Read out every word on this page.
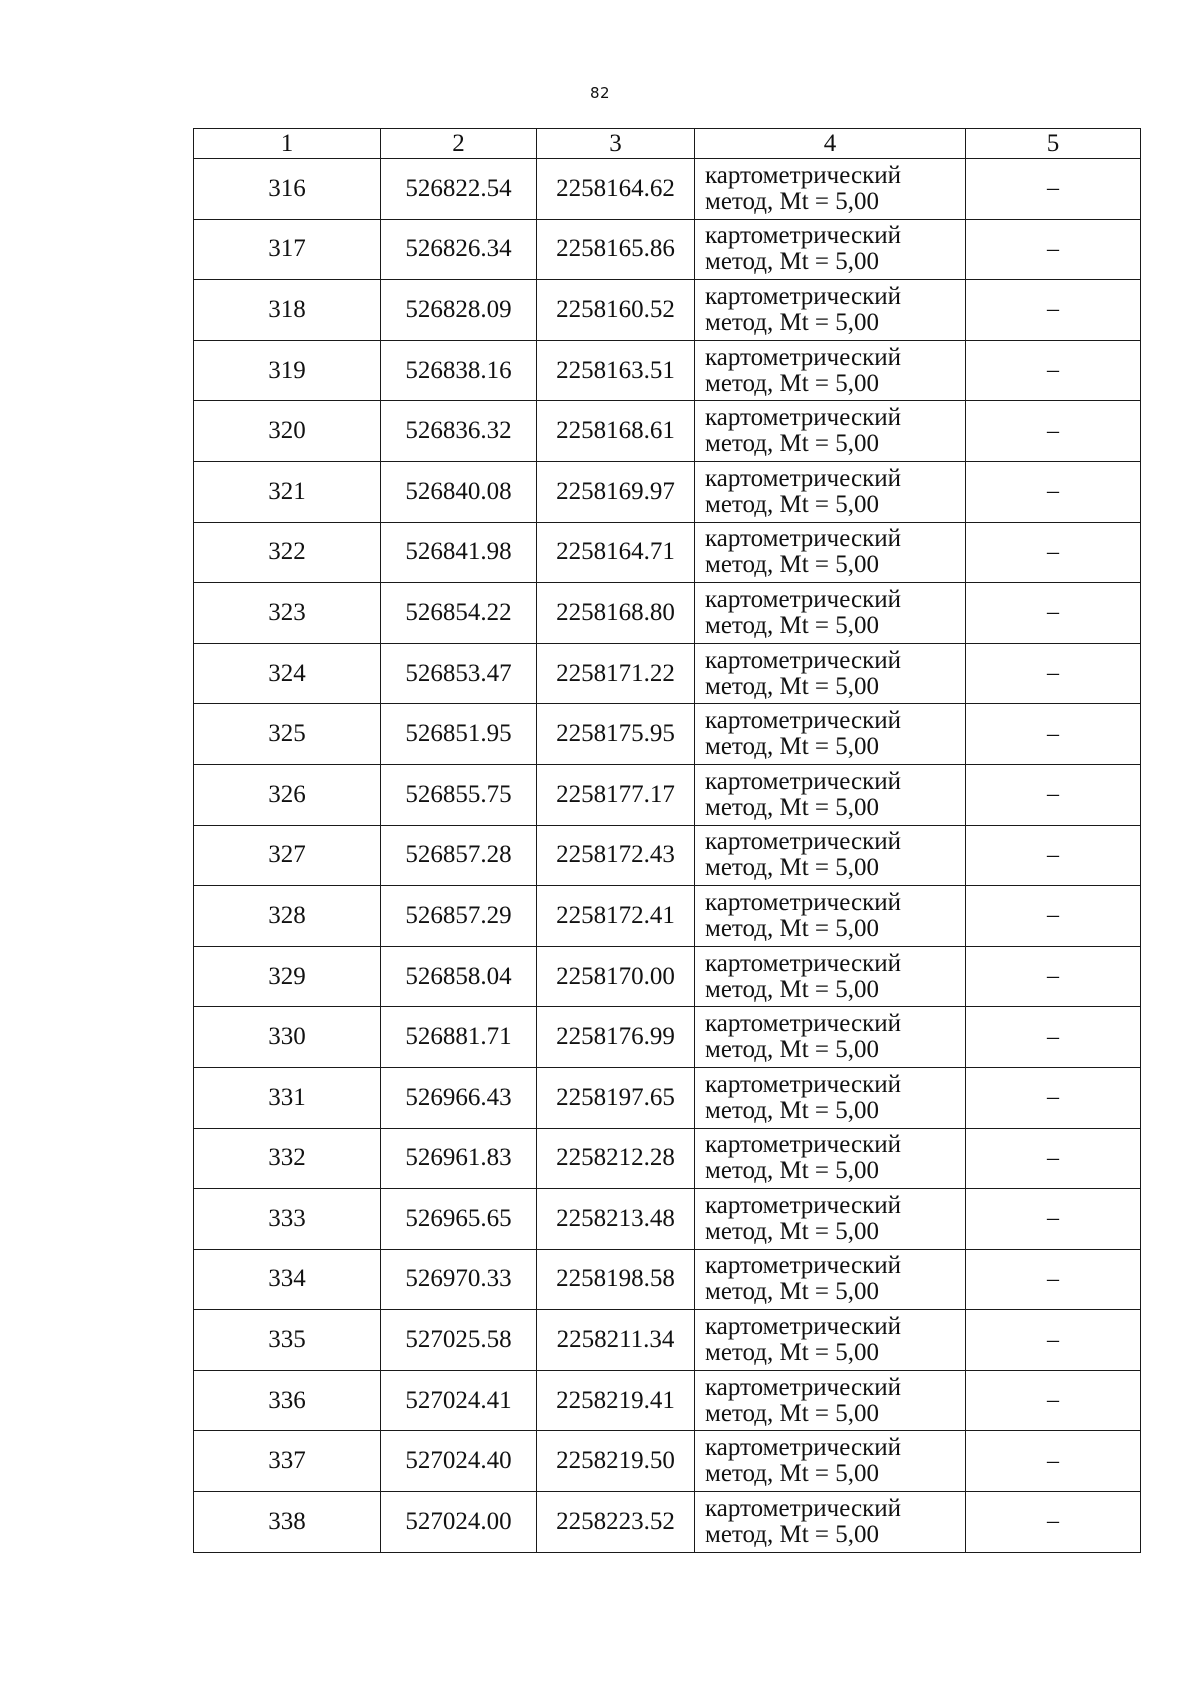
82
1	2	3	4	5
316	526822.54	2258164.62	картометрический
метод, Mt = 5,00	–
317	526826.34	2258165.86	картометрический
метод, Mt = 5,00	–
318	526828.09	2258160.52	картометрический
метод, Mt = 5,00	–
319	526838.16	2258163.51	картометрический
метод, Mt = 5,00	–
320	526836.32	2258168.61	картометрический
метод, Mt = 5,00	–
321	526840.08	2258169.97	картометрический
метод, Mt = 5,00	–
322	526841.98	2258164.71	картометрический
метод, Mt = 5,00	–
323	526854.22	2258168.80	картометрический
метод, Mt = 5,00	–
324	526853.47	2258171.22	картометрический
метод, Mt = 5,00	–
325	526851.95	2258175.95	картометрический
метод, Mt = 5,00	–
326	526855.75	2258177.17	картометрический
метод, Mt = 5,00	–
327	526857.28	2258172.43	картометрический
метод, Mt = 5,00	–
328	526857.29	2258172.41	картометрический
метод, Mt = 5,00	–
329	526858.04	2258170.00	картометрический
метод, Mt = 5,00	–
330	526881.71	2258176.99	картометрический
метод, Mt = 5,00	–
331	526966.43	2258197.65	картометрический
метод, Mt = 5,00	–
332	526961.83	2258212.28	картометрический
метод, Mt = 5,00	–
333	526965.65	2258213.48	картометрический
метод, Mt = 5,00	–
334	526970.33	2258198.58	картометрический
метод, Mt = 5,00	–
335	527025.58	2258211.34	картометрический
метод, Mt = 5,00	–
336	527024.41	2258219.41	картометрический
метод, Mt = 5,00	–
337	527024.40	2258219.50	картометрический
метод, Mt = 5,00	–
338	527024.00	2258223.52	картометрический
метод, Mt = 5,00	–
